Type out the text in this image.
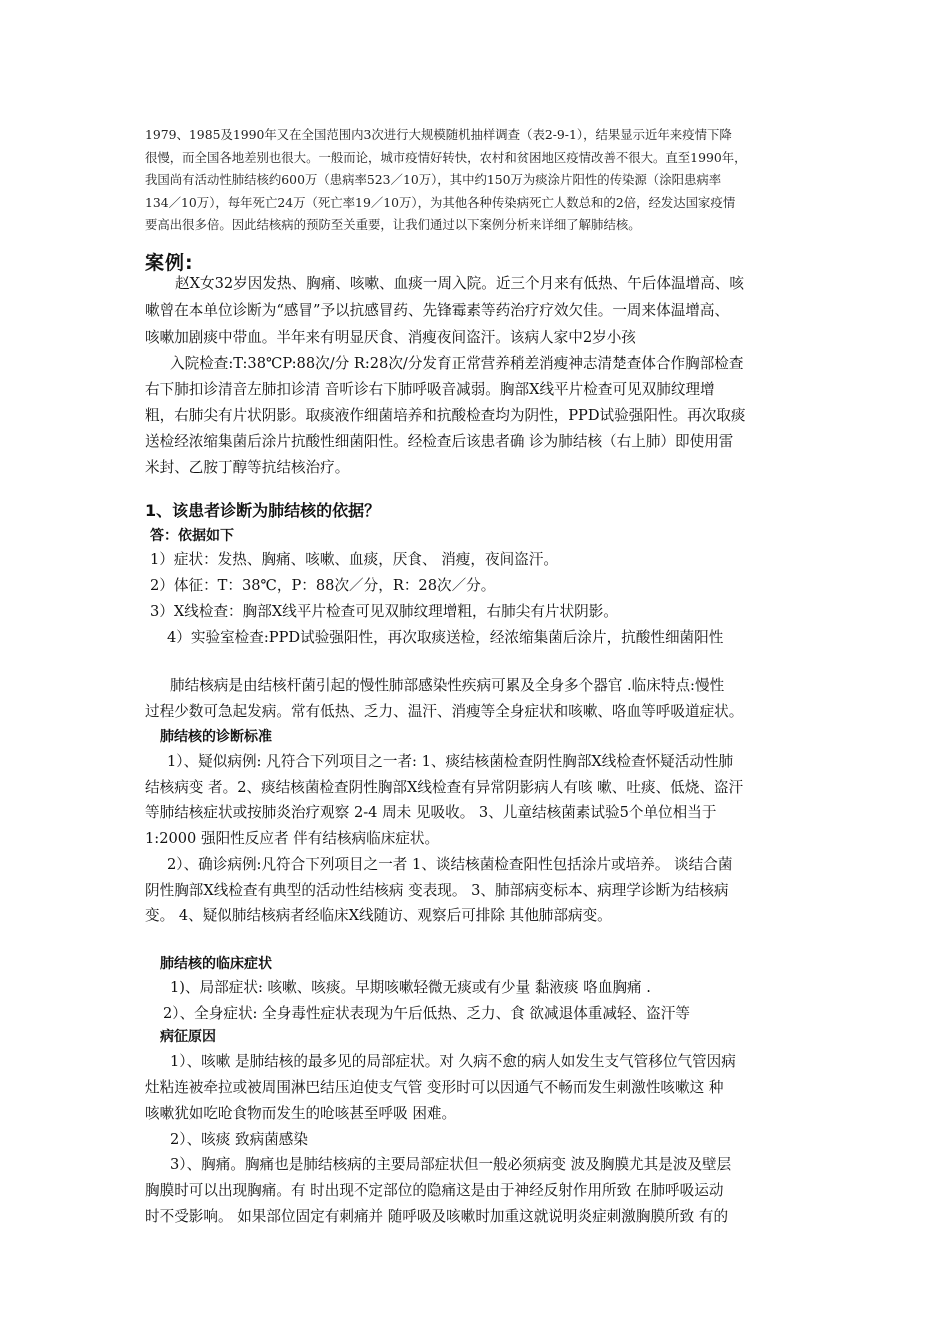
1979、1985及1990年又在全国范围内3次进行大规模随机抽样调查（表2-9-1），结果显示近年来疫情下降

很慢，而全国各地差别也很大。一般而论，城市疫情好转快，农村和贫困地区疫情改善不很大。直至1990年，

我国尚有活动性肺结核约600万（患病率523／10万），其中约150万为痰涂片阳性的传染源（涂阳患病率

134／10万），每年死亡24万（死亡率19／10万），为其他各种传染病死亡人数总和的2倍，经发达国家疫情

要高出很多倍。因此结核病的预防至关重要，让我们通过以下案例分析来详细了解肺结核。

案例:
赵X女32岁因发热、胸痛、咳嗽、血痰一周入院。近三个月来有低热、午后体温增高、咳
嗽曾在本单位诊断为“感冒”予以抗感冒药、先锋霉素等药治疗疗效欠佳。一周来体温增高、
咳嗽加剧痰中带血。半年来有明显厌食、消瘦夜间盗汗。该病人家中2岁小孩
入院检查:T:38℃P:88次/分 R:28次/分发育正常营养稍差消瘦神志清楚查体合作胸部检查
右下肺扣诊清音左肺扣诊清 音听诊右下肺呼吸音减弱。胸部X线平片检查可见双肺纹理增
粗，右肺尖有片状阴影。取痰液作细菌培养和抗酸检查均为阴性，PPD试验强阳性。再次取痰
送检经浓缩集菌后涂片抗酸性细菌阳性。经检查后该患者确 诊为肺结核（右上肺）即使用雷
米封、乙胺丁醇等抗结核治疗。
1、该患者诊断为肺结核的依据？
答：依据如下
1）症状：发热、胸痛、咳嗽、血痰，厌食、 消瘦，夜间盗汗。
2）体征：T：38℃，P：88次／分，R：28次／分。
3）X线检查：胸部X线平片检查可见双肺纹理增粗，右肺尖有片状阴影。
4）实验室检查:PPD试验强阳性，再次取痰送检，经浓缩集菌后涂片，抗酸性细菌阳性
肺结核病是由结核杆菌引起的慢性肺部感染性疾病可累及全身多个器官 .临床特点:慢性
过程少数可急起发病。常有低热、乏力、温汗、消瘦等全身症状和咳嗽、咯血等呼吸道症状。
肺结核的诊断标准
1）、疑似病例: 凡符合下列项目之一者: 1、痰结核菌检查阴性胸部X线检查怀疑活动性肺
结核病变 者。2、痰结核菌检查阴性胸部X线检查有异常阴影病人有咳 嗽、吐痰、低烧、盗汗
等肺结核症状或按肺炎治疗观察 2-4 周未 见吸收。 3、儿童结核菌素试验5个单位相当于
1:2000 强阳性反应者 伴有结核病临床症状。
2）、确诊病例:凡符合下列项目之一者 1、谈结核菌检查阳性包括涂片或培养。 谈结合菌
阴性胸部X线检查有典型的活动性结核病 变表现。 3、肺部病变标本、病理学诊断为结核病
变。 4、疑似肺结核病者经临床X线随访、观察后可排除 其他肺部病变。
肺结核的临床症状
1)、局部症状: 咳嗽、咳痰。早期咳嗽轻微无痰或有少量 黏液痰 咯血胸痛 .
2）、全身症状: 全身毒性症状表现为午后低热、乏力、食 欲减退体重减轻、盗汗等
病征原因
1）、咳嗽 是肺结核的最多见的局部症状。对 久病不愈的病人如发生支气管移位气管因病
灶粘连被牵拉或被周围淋巴结压迫使支气管 变形时可以因通气不畅而发生刺激性咳嗽这 种
咳嗽犹如吃呛食物而发生的呛咳甚至呼吸 困难。
2）、咳痰 致病菌感染
3）、胸痛。胸痛也是肺结核病的主要局部症状但一般必须病变 波及胸膜尤其是波及壁层
胸膜时可以出现胸痛。有 时出现不定部位的隐痛这是由于神经反射作用所致 在肺呼吸运动
时不受影响。 如果部位固定有刺痛并 随呼吸及咳嗽时加重这就说明炎症刺激胸膜所致 有的
